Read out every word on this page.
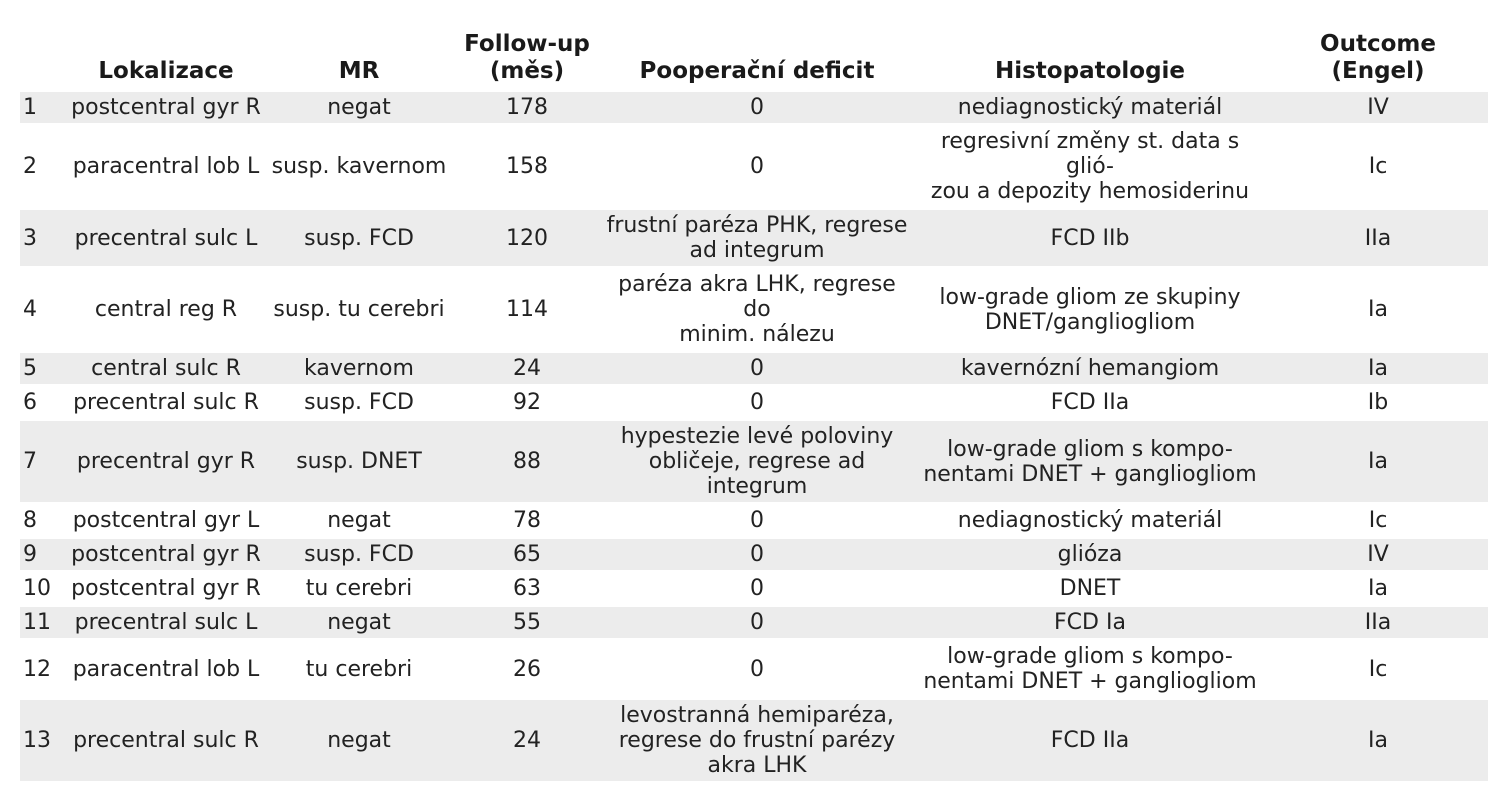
	Lokalizace	MR	Follow-up
(měs)	Pooperační deficit	Histopatologie	Outcome (Engel)
1	postcentral gyr R	negat	178	0	nediagnostický materiál	IV
2	paracentral lob L	susp. kavernom	158	0	regresivní změny st. data s glió-
zou a depozity hemosiderinu	Ic
3	precentral sulc L	susp. FCD	120	frustní paréza PHK, regrese
ad integrum	FCD IIb	IIa
4	central reg R	susp. tu cerebri	114	paréza akra LHK, regrese do
minim. nálezu	low-grade gliom ze skupiny
DNET/gangliogliom	Ia
5	central sulc R	kavernom	24	0	kavernózní hemangiom	Ia
6	precentral sulc R	susp. FCD	92	0	FCD IIa	Ib
7	precentral gyr R	susp. DNET	88	hypestezie levé poloviny
obličeje, regrese ad integrum	low-grade gliom s kompo-
nentami DNET + gangliogliom	Ia
8	postcentral gyr L	negat	78	0	nediagnostický materiál	Ic
9	postcentral gyr R	susp. FCD	65	0	glióza	IV
10	postcentral gyr R	tu cerebri	63	0	DNET	Ia
11	precentral sulc L	negat	55	0	FCD Ia	IIa
12	paracentral lob L	tu cerebri	26	0	low-grade gliom s kompo-
nentami DNET + gangliogliom	Ic
13	precentral sulc R	negat	24	levostranná hemiparéza,
regrese do frustní parézy
akra LHK	FCD IIa	Ia
